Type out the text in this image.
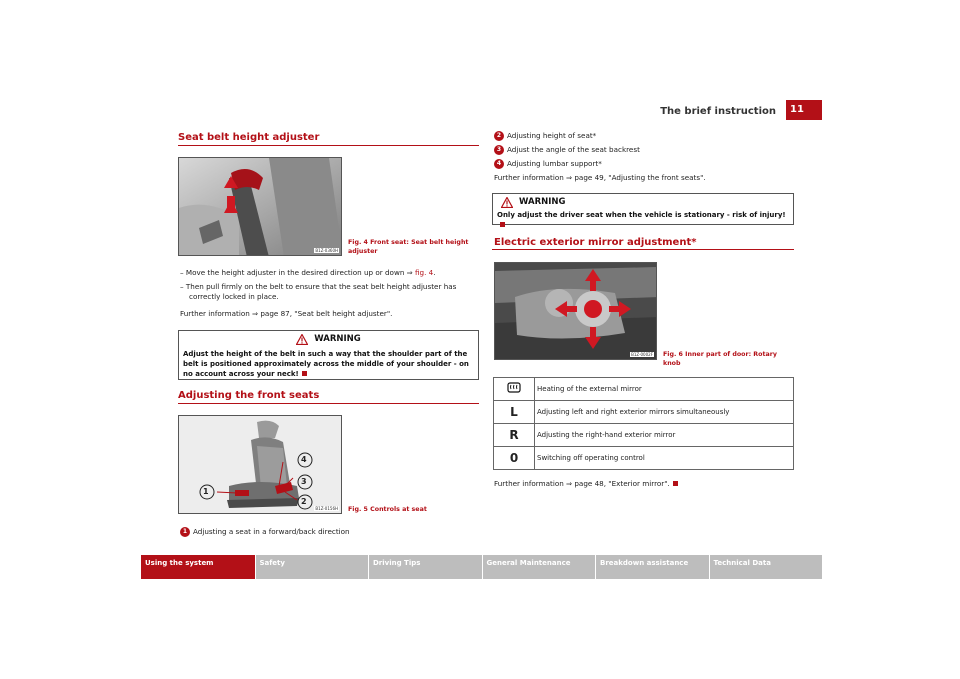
The brief instruction	11
Seat belt height adjuster
B1Z-0360H
Fig. 4 Front seat: Seat belt height adjuster
– Move the height adjuster in the desired direction up or down ⇒ fig. 4.
– Then pull firmly on the belt to ensure that the seat belt height adjuster has correctly locked in place.
Further information ⇒ page 87, "Seat belt height adjuster".
WARNING
Adjust the height of the belt in such a way that the shoulder part of the belt is positioned approximately across the middle of your shoulder - on no account across your neck!
Adjusting the front seats
1
2
3
4
B1Z-0156H Fig. 5 Controls at seat
1 Adjusting a seat in a forward/back direction
2 Adjusting height of seat*
3 Adjust the angle of the seat backrest
4 Adjusting lumbar support*
Further information ⇒ page 49, "Adjusting the front seats".
WARNING
Only adjust the driver seat when the vehicle is stationary - risk of injury!
Electric exterior mirror adjustment*
B1Z-0002F Fig. 6 Inner part of door: Rotary knob
	Heating of the external mirror
L	Adjusting left and right exterior mirrors simultaneously
R	Adjusting the right-hand exterior mirror
0	Switching off operating control
Further information ⇒ page 48, "Exterior mirror".
Using the system	Safety	Driving Tips	General Maintenance	Breakdown assistance	Technical Data
